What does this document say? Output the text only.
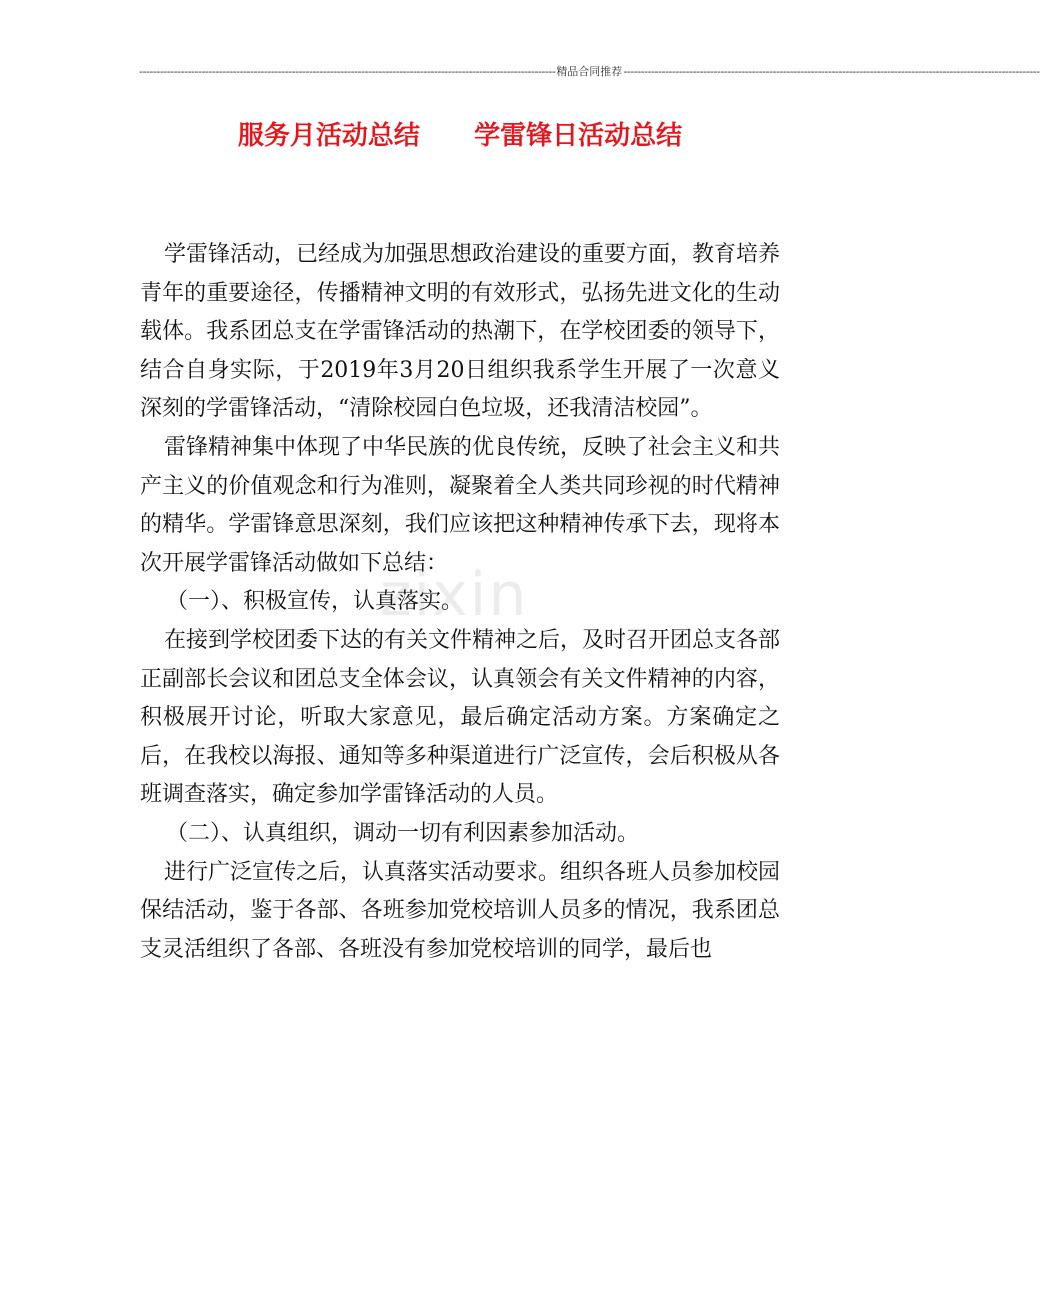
------------------------------------------------------------------------------------------------------------------------ 精品合同推荐 ------------------------------------------------------------------------------------------------------------------------
服务月活动总结      学雷锋日活动总结
zixin

学雷锋活动，已经成为加强思想政治建设的重要方面，教育培养青年的重要途径，传播精神文明的有效形式，弘扬先进文化的生动载体。我系团总支在学雷锋活动的热潮下，在学校团委的领导下，结合自身实际，于2019年3月20日组织我系学生开展了一次意义深刻的学雷锋活动，“清除校园白色垃圾，还我清洁校园”。

雷锋精神集中体现了中华民族的优良传统，反映了社会主义和共产主义的价值观念和行为准则，凝聚着全人类共同珍视的时代精神的精华。学雷锋意思深刻，我们应该把这种精神传承下去，现将本次开展学雷锋活动做如下总结：

（一）、积极宣传，认真落实。

在接到学校团委下达的有关文件精神之后，及时召开团总支各部正副部长会议和团总支全体会议，认真领会有关文件精神的内容，积极展开讨论，听取大家意见，最后确定活动方案。方案确定之后，在我校以海报、通知等多种渠道进行广泛宣传，会后积极从各班调查落实，确定参加学雷锋活动的人员。

（二）、认真组织，调动一切有利因素参加活动。

进行广泛宣传之后，认真落实活动要求。组织各班人员参加校园保结活动，鉴于各部、各班参加党校培训人员多的情况，我系团总支灵活组织了各部、各班没有参加党校培训的同学，最后也
